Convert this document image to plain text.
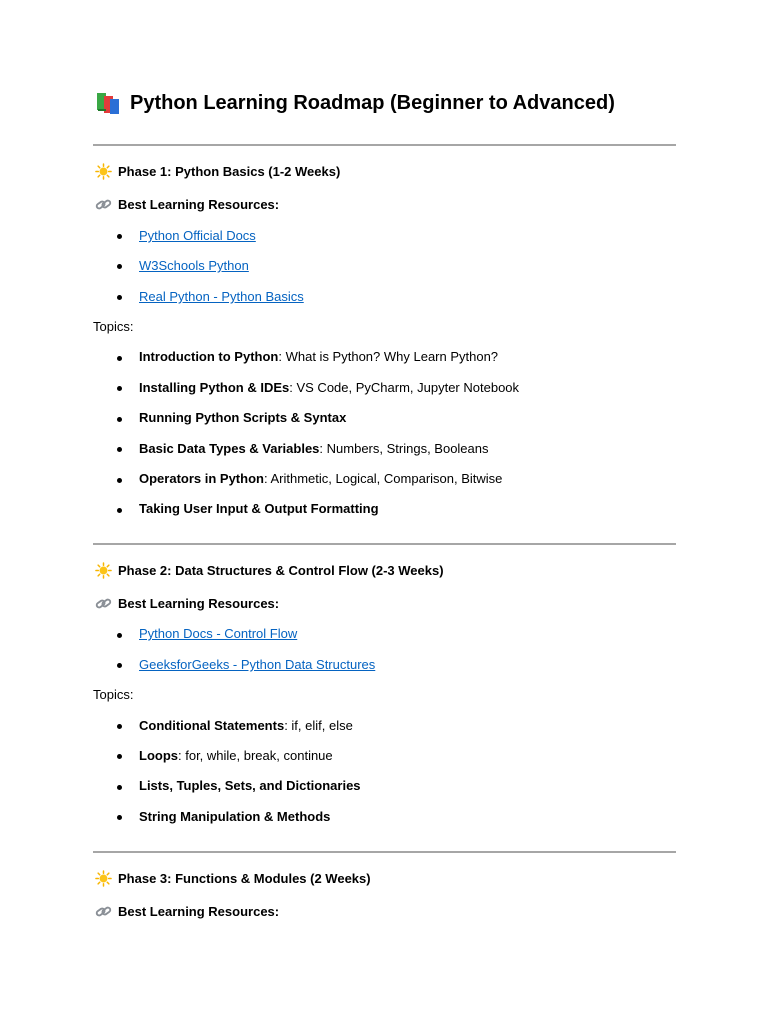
Python Learning Roadmap (Beginner to Advanced)
Phase 1: Python Basics (1-2 Weeks)
Best Learning Resources:
Python Official Docs
W3Schools Python
Real Python - Python Basics
Topics:
Introduction to Python: What is Python? Why Learn Python?
Installing Python & IDEs: VS Code, PyCharm, Jupyter Notebook
Running Python Scripts & Syntax
Basic Data Types & Variables: Numbers, Strings, Booleans
Operators in Python: Arithmetic, Logical, Comparison, Bitwise
Taking User Input & Output Formatting
Phase 2: Data Structures & Control Flow (2-3 Weeks)
Best Learning Resources:
Python Docs - Control Flow
GeeksforGeeks - Python Data Structures
Topics:
Conditional Statements: if, elif, else
Loops: for, while, break, continue
Lists, Tuples, Sets, and Dictionaries
String Manipulation & Methods
Phase 3: Functions & Modules (2 Weeks)
Best Learning Resources:
